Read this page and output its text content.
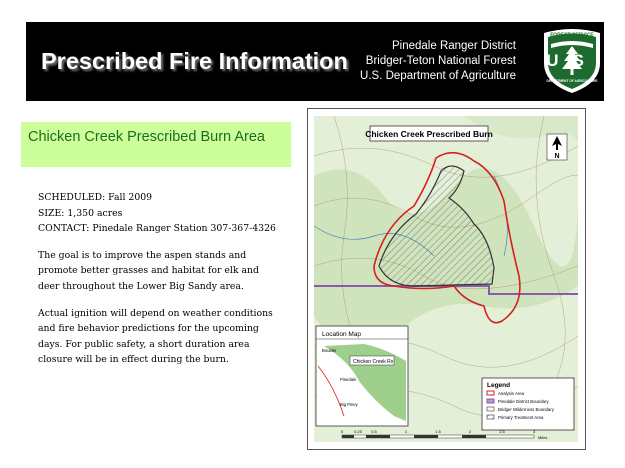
Prescribed Fire Information
Pinedale Ranger District
Bridger-Teton National Forest
U.S. Department of Agriculture
FOREST SERVICE
US
DEPARTMENT OF AGRICULTURE
Chicken Creek Prescribed Burn Area

SCHEDULED: Fall 2009
SIZE: 1,350 acres
CONTACT: Pinedale Ranger Station 307-367-4326

The goal is to improve the aspen stands and promote better grasses and habitat for elk and deer throughout the Lower Big Sandy area.

Actual ignition will depend on weather conditions and fire behavior predictions for the upcoming days. For public safety, a short duration area closure will be in effect during the burn.

Chicken Creek Prescribed Burn
N
Location Map
Chicken Creek Rx
Boulder
Pinedale
Big Piney
Legend
Analysis Area
Pinedale District Boundary
Bridger Wilderness Boundary
Primary Treatment Area
0	0.25 0.5	1	1.5	2	2.5	3
Miles
